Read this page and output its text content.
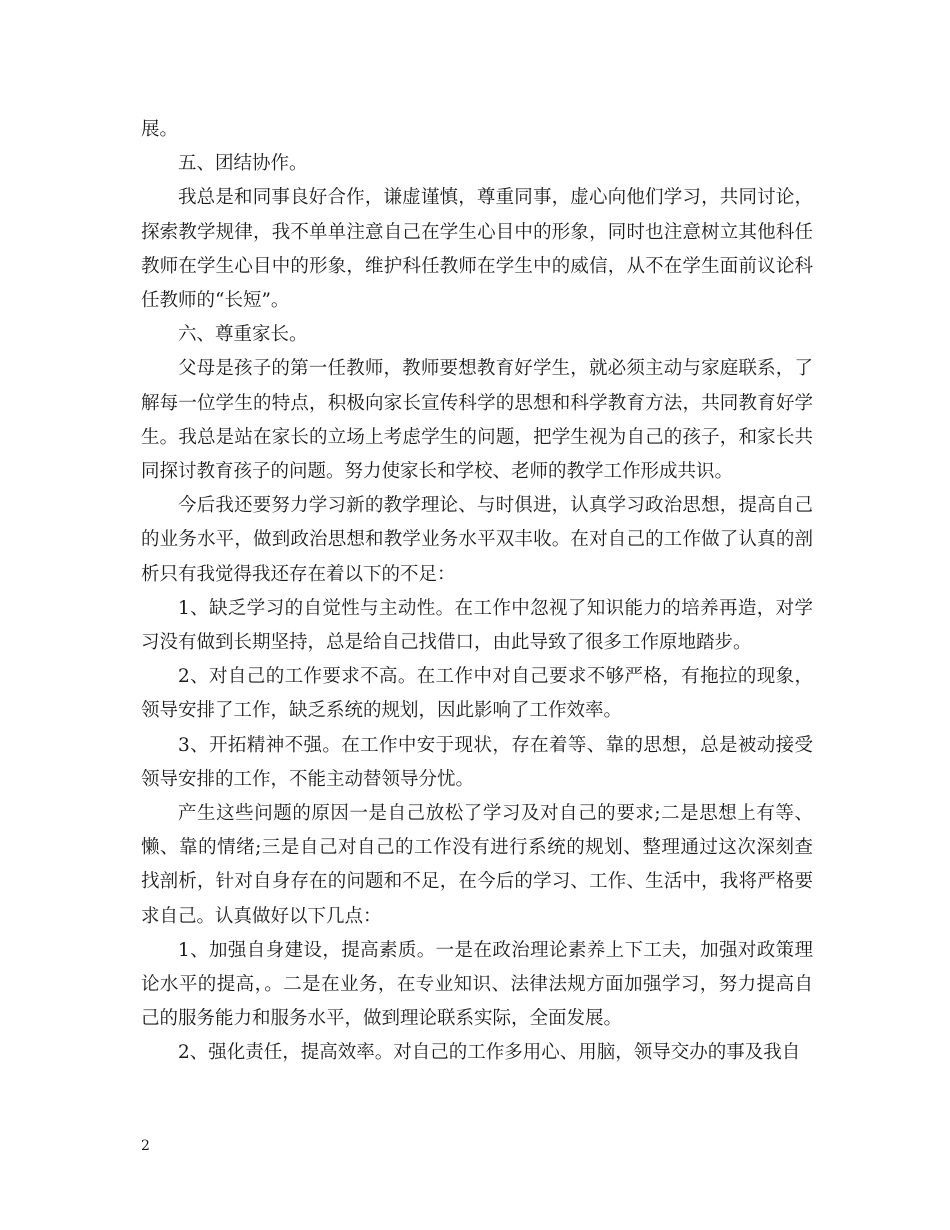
展。

五、团结协作。

我总是和同事良好合作，谦虚谨慎，尊重同事，虚心向他们学习，共同讨论，探索教学规律，我不单单注意自己在学生心目中的形象，同时也注意树立其他科任教师在学生心目中的形象，维护科任教师在学生中的威信，从不在学生面前议论科任教师的“长短”。

六、尊重家长。

父母是孩子的第一任教师，教师要想教育好学生，就必须主动与家庭联系，了解每一位学生的特点，积极向家长宣传科学的思想和科学教育方法，共同教育好学生。我总是站在家长的立场上考虑学生的问题，把学生视为自己的孩子，和家长共同探讨教育孩子的问题。努力使家长和学校、老师的教学工作形成共识。

今后我还要努力学习新的教学理论、与时俱进，认真学习政治思想，提高自己的业务水平，做到政治思想和教学业务水平双丰收。在对自己的工作做了认真的剖析只有我觉得我还存在着以下的不足：

1、缺乏学习的自觉性与主动性。在工作中忽视了知识能力的培养再造，对学习没有做到长期坚持，总是给自己找借口，由此导致了很多工作原地踏步。

2、对自己的工作要求不高。在工作中对自己要求不够严格，有拖拉的现象，领导安排了工作，缺乏系统的规划，因此影响了工作效率。

3、开拓精神不强。在工作中安于现状，存在着等、靠的思想，总是被动接受领导安排的工作，不能主动替领导分忧。

产生这些问题的原因一是自己放松了学习及对自己的要求;二是思想上有等、懒、靠的情绪;三是自己对自己的工作没有进行系统的规划、整理通过这次深刻查找剖析，针对自身存在的问题和不足，在今后的学习、工作、生活中，我将严格要求自己。认真做好以下几点：

1、加强自身建设，提高素质。一是在政治理论素养上下工夫，加强对政策理论水平的提高，。二是在业务，在专业知识、法律法规方面加强学习，努力提高自己的服务能力和服务水平，做到理论联系实际，全面发展。

2、强化责任，提高效率。对自己的工作多用心、用脑，领导交办的事及我自

2
